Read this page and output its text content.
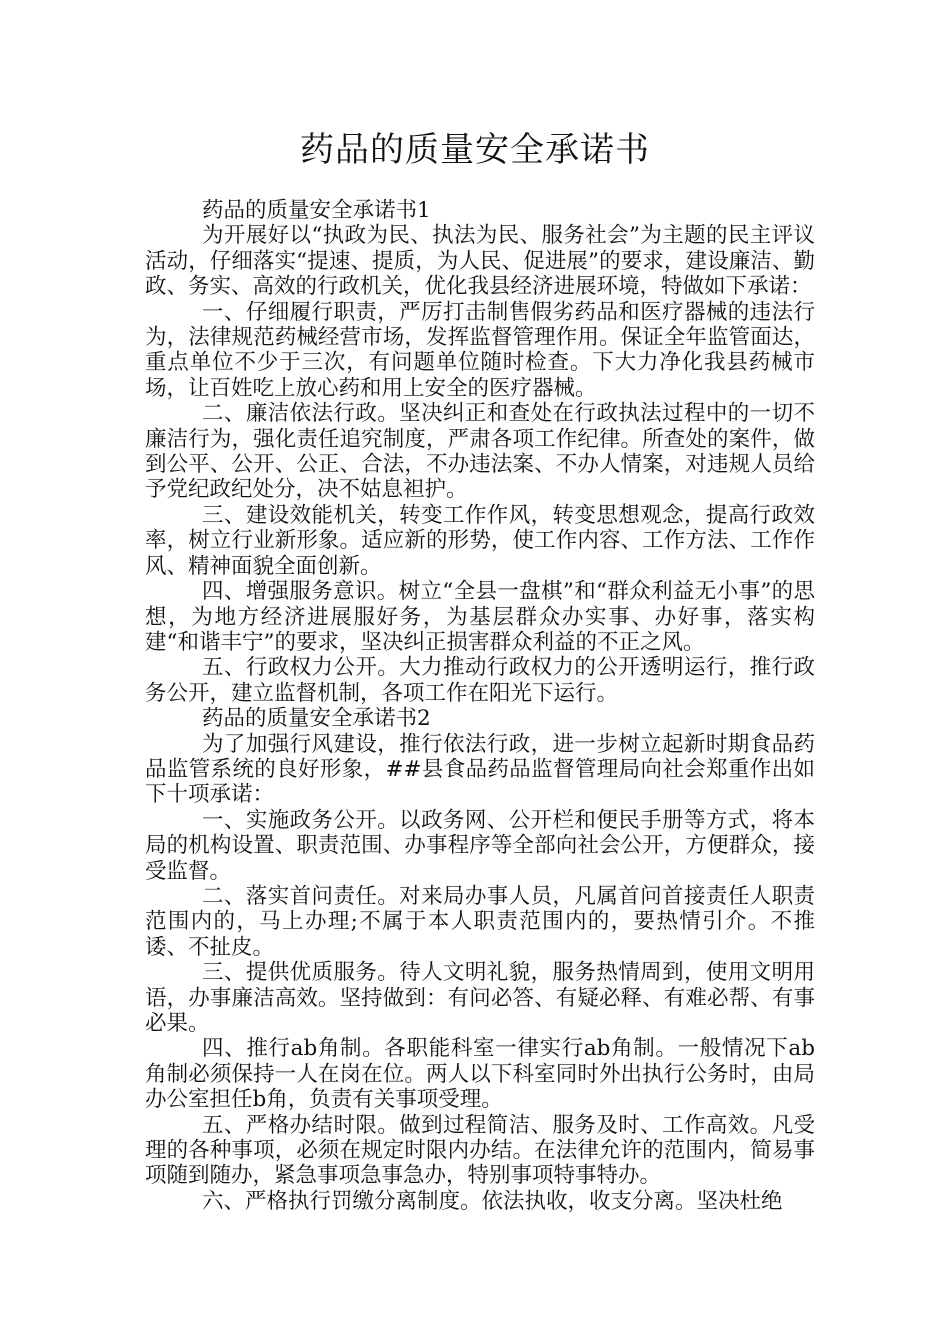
药品的质量安全承诺书

药品的质量安全承诺书1

为开展好以“执政为民、执法为民、服务社会”为主题的民主评议活动，仔细落实“提速、提质，为人民、促进展”的要求，建设廉洁、勤政、务实、高效的行政机关，优化我县经济进展环境，特做如下承诺：

一、仔细履行职责，严厉打击制售假劣药品和医疗器械的违法行为，法律规范药械经营市场，发挥监督管理作用。保证全年监管面达，重点单位不少于三次，有问题单位随时检查。下大力净化我县药械市场，让百姓吃上放心药和用上安全的医疗器械。

二、廉洁依法行政。坚决纠正和查处在行政执法过程中的一切不廉洁行为，强化责任追究制度，严肃各项工作纪律。所查处的案件，做到公平、公开、公正、合法，不办违法案、不办人情案，对违规人员给予党纪政纪处分，决不姑息袒护。

三、建设效能机关，转变工作作风，转变思想观念，提高行政效率，树立行业新形象。适应新的形势，使工作内容、工作方法、工作作风、精神面貌全面创新。

四、增强服务意识。树立“全县一盘棋”和“群众利益无小事”的思想，为地方经济进展服好务，为基层群众办实事、办好事，落实构建“和谐丰宁”的要求，坚决纠正损害群众利益的不正之风。

五、行政权力公开。大力推动行政权力的公开透明运行，推行政务公开，建立监督机制，各项工作在阳光下运行。

药品的质量安全承诺书2

为了加强行风建设，推行依法行政，进一步树立起新时期食品药品监管系统的良好形象，##县食品药品监督管理局向社会郑重作出如下十项承诺：

一、实施政务公开。以政务网、公开栏和便民手册等方式，将本局的机构设置、职责范围、办事程序等全部向社会公开，方便群众，接受监督。

二、落实首问责任。对来局办事人员，凡属首问首接责任人职责范围内的，马上办理;不属于本人职责范围内的，要热情引介。不推诿、不扯皮。

三、提供优质服务。待人文明礼貌，服务热情周到，使用文明用语，办事廉洁高效。坚持做到：有问必答、有疑必释、有难必帮、有事必果。

四、推行ab角制。各职能科室一律实行ab角制。一般情况下ab角制必须保持一人在岗在位。两人以下科室同时外出执行公务时，由局办公室担任b角，负责有关事项受理。

五、严格办结时限。做到过程简洁、服务及时、工作高效。凡受理的各种事项，必须在规定时限内办结。在法律允许的范围内，简易事项随到随办，紧急事项急事急办，特别事项特事特办。

六、严格执行罚缴分离制度。依法执收，收支分离。坚决杜绝
